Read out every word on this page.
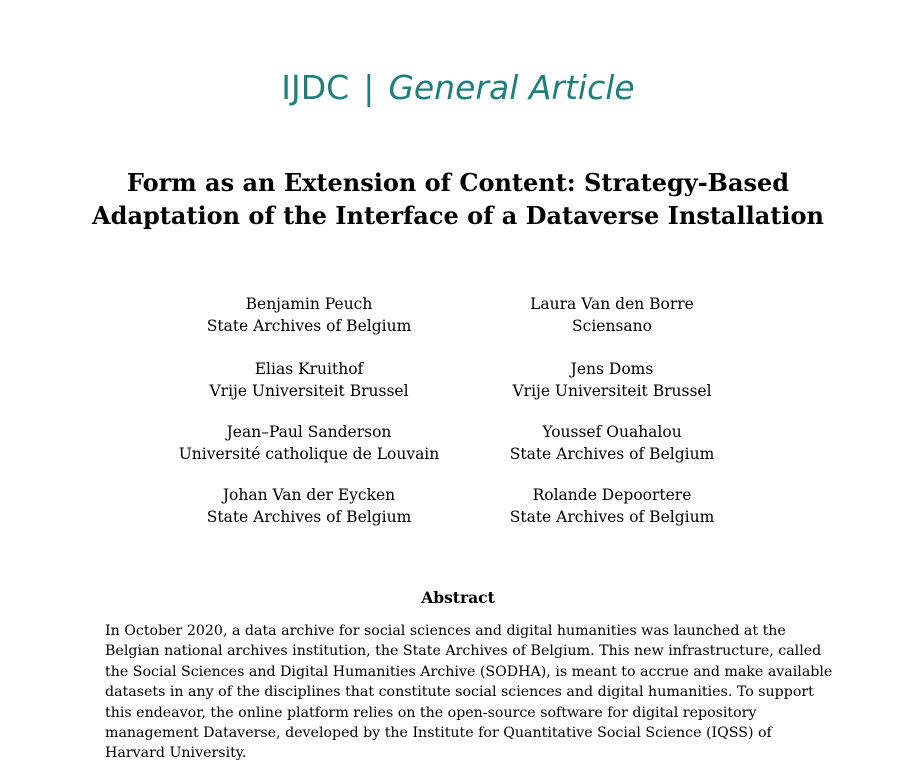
IJDC | General Article
Form as an Extension of Content: Strategy-Based
Adaptation of the Interface of a Dataverse Installation
Benjamin Peuch
State Archives of Belgium
Laura Van den Borre
Sciensano
Elias Kruithof
Vrije Universiteit Brussel
Jens Doms
Vrije Universiteit Brussel
Jean–Paul Sanderson
Université catholique de Louvain
Youssef Ouahalou
State Archives of Belgium
Johan Van der Eycken
State Archives of Belgium
Rolande Depoortere
State Archives of Belgium
Abstract
In October 2020, a data archive for social sciences and digital humanities was launched at the
Belgian national archives institution, the State Archives of Belgium. This new infrastructure, called
the Social Sciences and Digital Humanities Archive (SODHA), is meant to accrue and make available
datasets in any of the disciplines that constitute social sciences and digital humanities. To support
this endeavor, the online platform relies on the open-source software for digital repository
management Dataverse, developed by the Institute for Quantitative Social Science (IQSS) of
Harvard University.
